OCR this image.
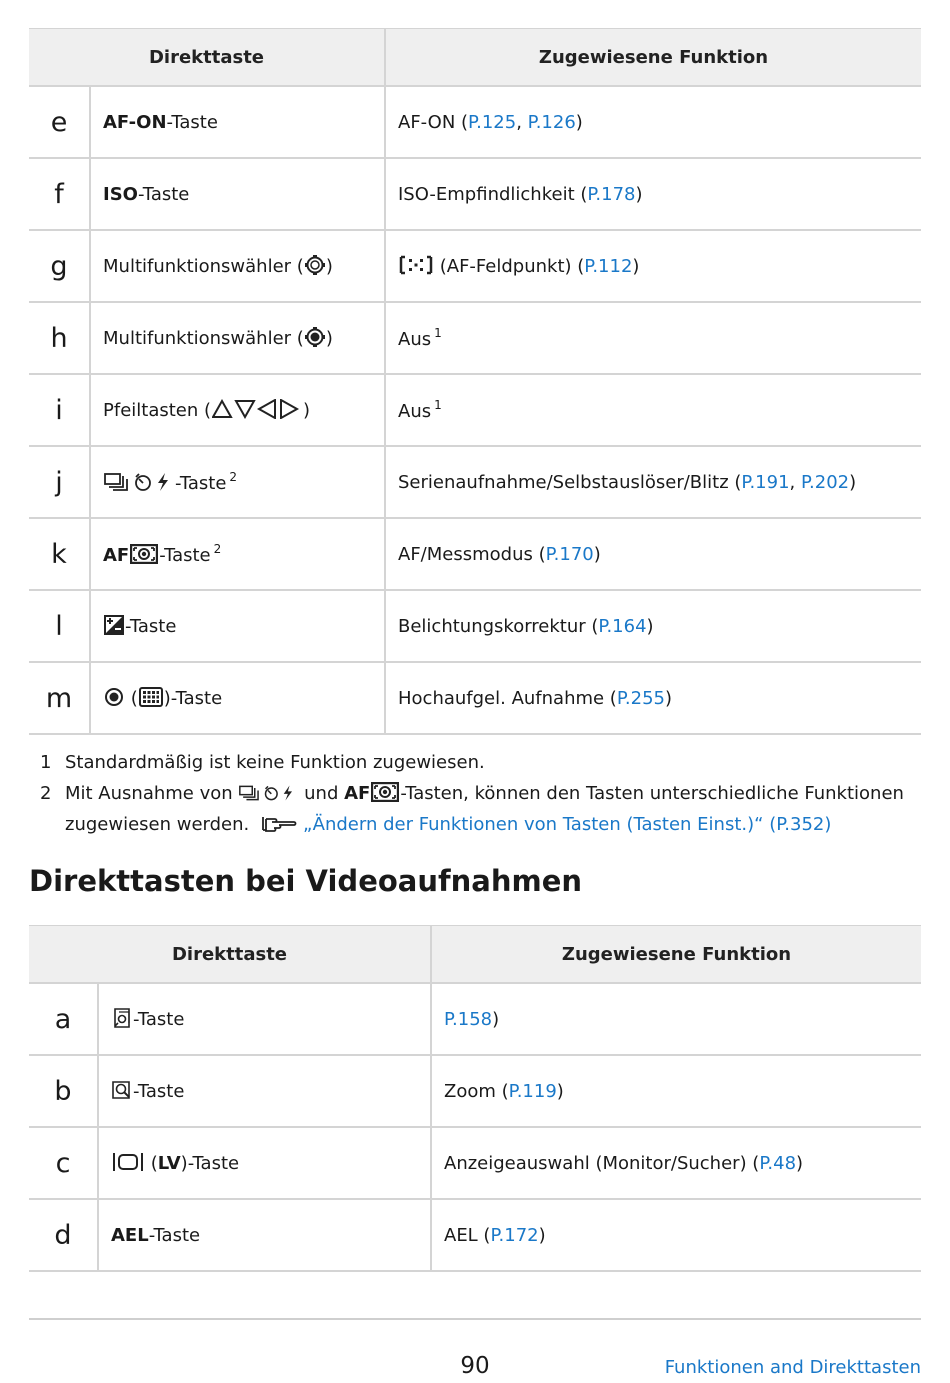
Direkttaste		Zugewiesene Funktion
e	AF-ON-Taste	AF-ON (P.125, P.126)
f	ISO-Taste	ISO-Empfindlichkeit (P.178)
g	Multifunktionswähler ( )	(AF-Feldpunkt) (P.112)
h	Multifunktionswähler ( )	Aus $^1$
i	Pfeiltasten ( )	Aus $^1$
j	-Taste $^2$	Serienaufnahme/Selbstauslöser/Blitz (P.191, P.202)
k	AF -Taste $^2$	AF/Messmodus (P.170)
l	-Taste	Belichtungskorrektur (P.164)
m	( )-Taste	Hochaufgel. Aufnahme (P.255)
1 Standardmäßig ist keine Funktion zugewiesen.
2 Mit Ausnahme von	und AF -Tasten, können den Tasten unterschiedliche Funktionen zugewiesen werden.	„Ändern der Funktionen von Tasten (Tasten Einst.)“ (P.352)
Direkttasten bei Videoaufnahmen
Direkttaste		Zugewiesene Funktion
a	-Taste	P.158)
b	-Taste	Zoom (P.119)
c	(LV)-Taste	Anzeigeauswahl (Monitor/Sucher) (P.48)
d	AEL-Taste	AEL (P.172)
90	Funktionen and Direkttasten
